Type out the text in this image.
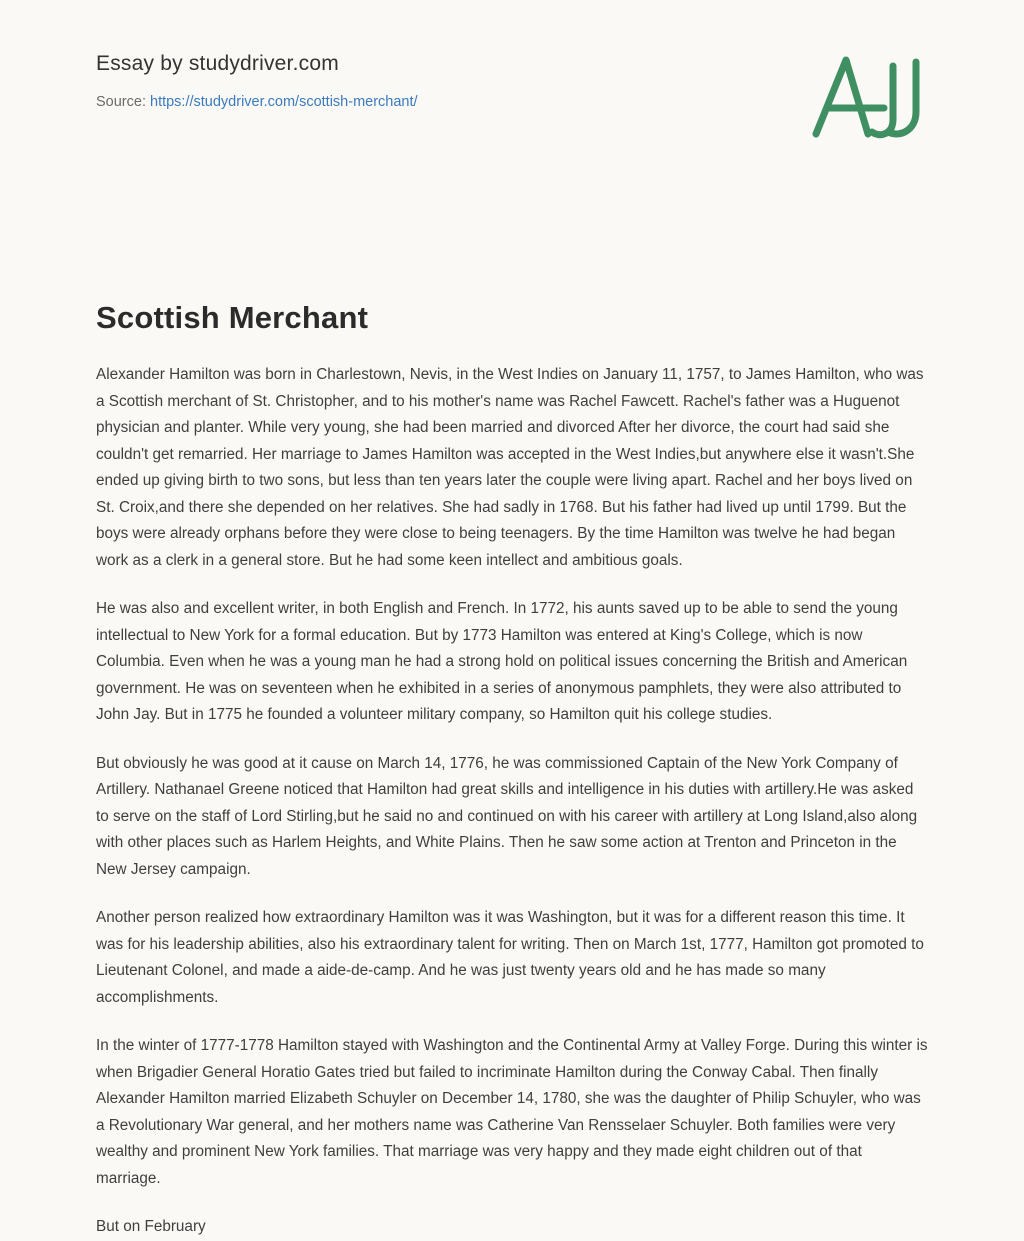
Essay by studydriver.com
Source: https://studydriver.com/scottish-merchant/
Scottish Merchant

Alexander Hamilton was born in Charlestown, Nevis, in the West Indies on January 11, 1757, to James Hamilton, who was a Scottish merchant of St. Christopher, and to his mother's name was Rachel Fawcett. Rachel's father was a Huguenot physician and planter. While very young, she had been married and divorced After her divorce, the court had said she couldn't get remarried. Her marriage to James Hamilton was accepted in the West Indies,but anywhere else it wasn't.She ended up giving birth to two sons, but less than ten years later the couple were living apart. Rachel and her boys lived on St. Croix,and there she depended on her relatives. She had sadly in 1768. But his father had lived up until 1799. But the boys were already orphans before they were close to being teenagers. By the time Hamilton was twelve he had began work as a clerk in a general store. But he had some keen intellect and ambitious goals.

He was also and excellent writer, in both English and French. In 1772, his aunts saved up to be able to send the young intellectual to New York for a formal education. But by 1773 Hamilton was entered at King's College, which is now Columbia. Even when he was a young man he had a strong hold on political issues concerning the British and American government. He was on seventeen when he exhibited in a series of anonymous pamphlets, they were also attributed to John Jay. But in 1775 he founded a volunteer military company, so Hamilton quit his college studies.

But obviously he was good at it cause on March 14, 1776, he was commissioned Captain of the New York Company of Artillery. Nathanael Greene noticed that Hamilton had great skills and intelligence in his duties with artillery.He was asked to serve on the staff of Lord Stirling,but he said no and continued on with his career with artillery at Long Island,also along with other places such as Harlem Heights, and White Plains. Then he saw some action at Trenton and Princeton in the New Jersey campaign.

Another person realized how extraordinary Hamilton was it was Washington, but it was for a different reason this time. It was for his leadership abilities, also his extraordinary talent for writing. Then on March 1st, 1777, Hamilton got promoted to Lieutenant Colonel, and made a aide-de-camp. And he was just twenty years old and he has made so many accomplishments.

In the winter of 1777-1778 Hamilton stayed with Washington and the Continental Army at Valley Forge. During this winter is when Brigadier General Horatio Gates tried but failed to incriminate Hamilton during the Conway Cabal. Then finally Alexander Hamilton married Elizabeth Schuyler on December 14, 1780, she was the daughter of Philip Schuyler, who was a Revolutionary War general, and her mothers name was Catherine Van Rensselaer Schuyler. Both families were very wealthy and prominent New York families. That marriage was very happy and they made eight children out of that marriage.

But on February
